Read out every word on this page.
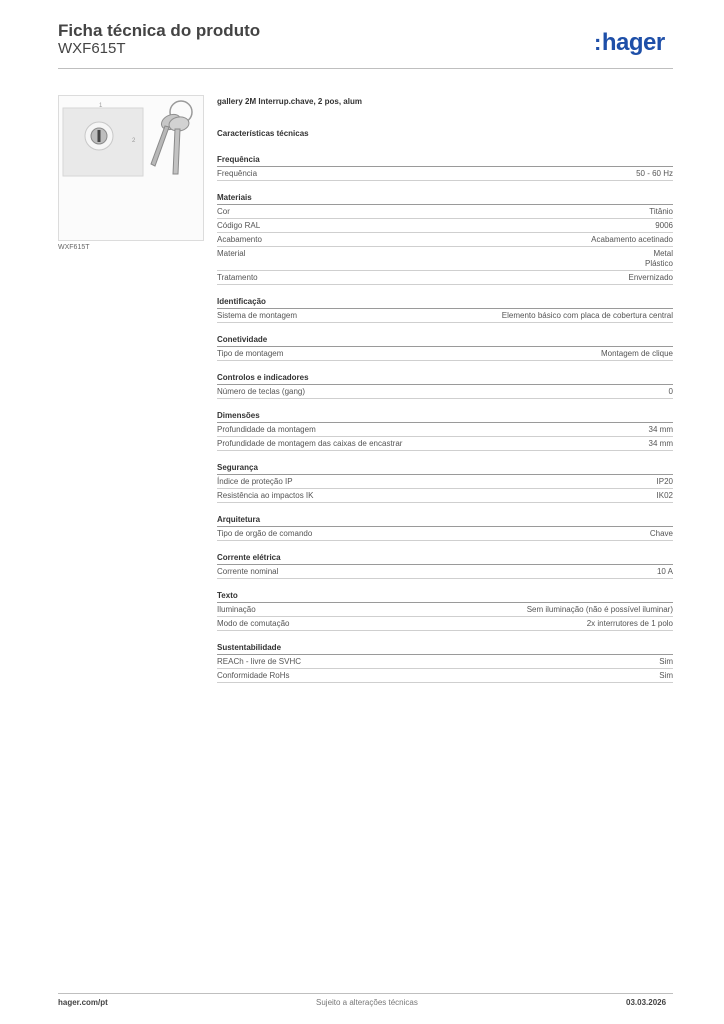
Ficha técnica do produto
WXF615T	:hager
1
2
WXF615T
gallery 2M Interrup.chave, 2 pos, alum
Características técnicas
Frequência
Frequência	50 - 60 Hz
Materiais
Cor	Titânio
Código RAL	9006
Acabamento	Acabamento acetinado
Material	Metal
Plástico
Tratamento	Envernizado
Identificação
Sistema de montagem	Elemento básico com placa de cobertura central
Conetividade
Tipo de montagem	Montagem de clique
Controlos e indicadores
Número de teclas (gang)	0
Dimensões
Profundidade da montagem	34 mm
Profundidade de montagem das caixas de encastrar	34 mm
Segurança
Índice de proteção IP	IP20
Resistência ao impactos IK	IK02
Arquitetura
Tipo de orgão de comando	Chave
Corrente elétrica
Corrente nominal	10 A
Texto
Iluminação	Sem iluminação (não é possível iluminar)
Modo de comutação	2x interrutores de 1 polo
Sustentabilidade
REACh - livre de SVHC	Sim
Conformidade RoHs	Sim
hager.com/pt	Sujeito a alterações técnicas	03.03.2026
